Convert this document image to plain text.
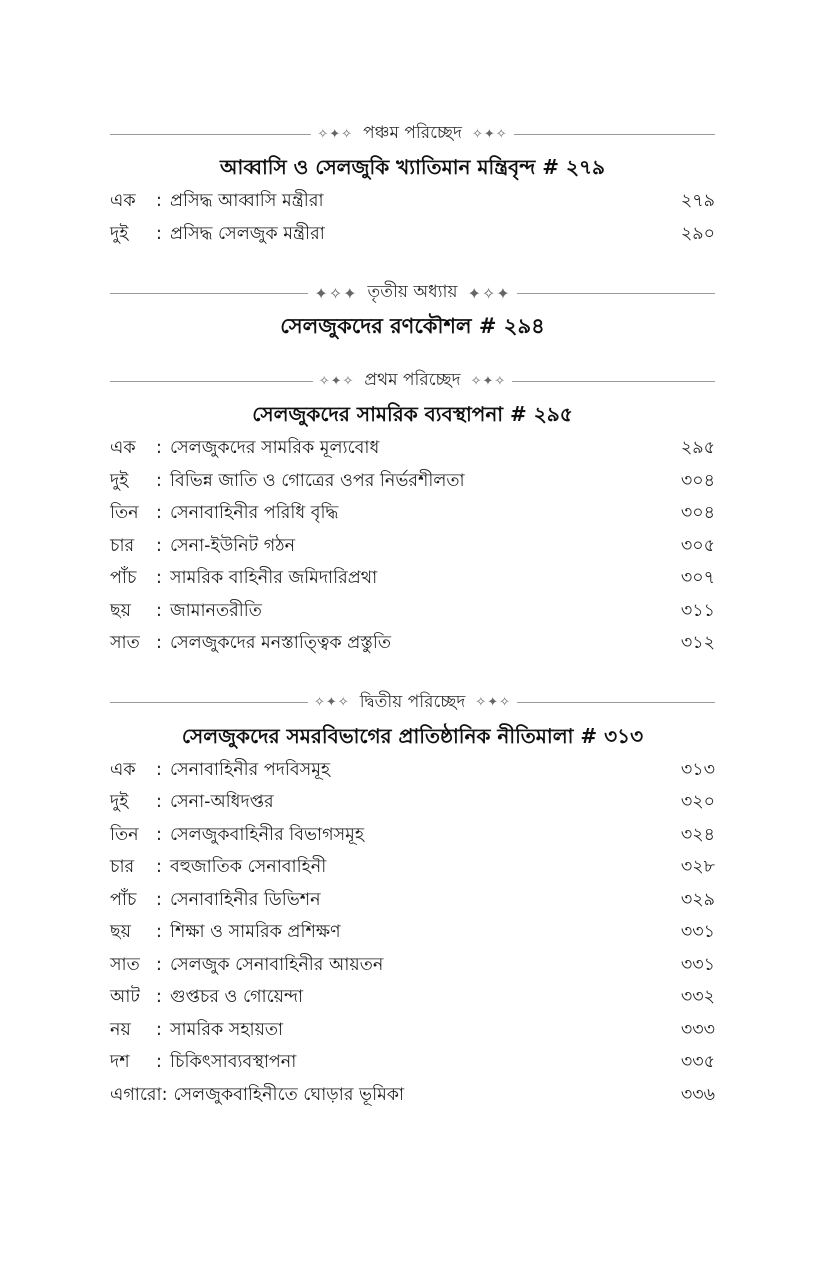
✧✦✧ পঞ্চম পরিচ্ছেদ ✧✦✧
আব্বাসি ও সেলজুকি খ্যাতিমান মন্ত্রিবৃন্দ # ২৭৯
এক	: প্রসিদ্ধ আব্বাসি মন্ত্রীরা	২৭৯
দুই	: প্রসিদ্ধ সেলজুক মন্ত্রীরা	২৯০
✦✧✦ তৃতীয় অধ্যায় ✦✧✦
সেলজুকদের রণকৌশল # ২৯৪
✧✦✧ প্রথম পরিচ্ছেদ ✧✦✧
সেলজুকদের সামরিক ব্যবস্থাপনা # ২৯৫
এক	: সেলজুকদের সামরিক মূল্যবোধ	২৯৫
দুই	: বিভিন্ন জাতি ও গোত্রের ওপর নির্ভরশীলতা	৩০৪
তিন : সেনাবাহিনীর পরিধি বৃদ্ধি	৩০৪
চার	: সেনা-ইউনিট গঠন	৩০৫
পাঁচ	: সামরিক বাহিনীর জমিদারিপ্রথা	৩০৭
ছয়	: জামানতরীতি	৩১১
সাত : সেলজুকদের মনস্তাত্ত্বিক প্রস্তুতি	৩১২
✧✦✧ দ্বিতীয় পরিচ্ছেদ ✧✦✧
সেলজুকদের সমরবিভাগের প্রাতিষ্ঠানিক নীতিমালা # ৩১৩
এক	: সেনাবাহিনীর পদবিসমূহ	৩১৩
দুই	: সেনা-অধিদপ্তর	৩২০
তিন : সেলজুকবাহিনীর বিভাগসমূহ	৩২৪
চার	: বহুজাতিক সেনাবাহিনী	৩২৮
পাঁচ	: সেনাবাহিনীর ডিভিশন	৩২৯
ছয়	: শিক্ষা ও সামরিক প্রশিক্ষণ	৩৩১
সাত : সেলজুক সেনাবাহিনীর আয়তন	৩৩১
আট : গুপ্তচর ও গোয়েন্দা	৩৩২
নয়	: সামরিক সহায়তা	৩৩৩
দশ	: চিকিৎসাব্যবস্থাপনা	৩৩৫
এগারো : সেলজুকবাহিনীতে ঘোড়ার ভূমিকা	৩৩৬
